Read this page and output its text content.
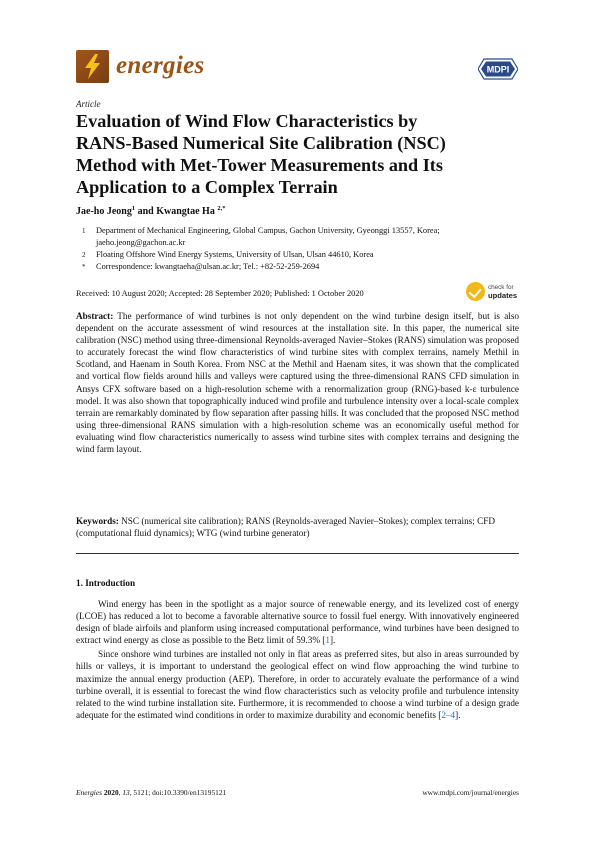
energies	MDPI
Article
Evaluation of Wind Flow Characteristics by
RANS-Based Numerical Site Calibration (NSC)
Method with Met-Tower Measurements and Its
Application to a Complex Terrain
Jae-ho Jeong$^1$ and Kwangtae Ha $^{2,*}$
1 Department of Mechanical Engineering, Global Campus, Gachon University, Gyeonggi 13557, Korea;
jaeho.jeong@gachon.ac.kr
2 Floating Offshore Wind Energy Systems, University of Ulsan, Ulsan 44610, Korea
* Correspondence: kwangtaeha@ulsan.ac.kr; Tel.: +82-52-259-2694
Received: 10 August 2020; Accepted: 28 September 2020; Published: 1 October 2020
check for
updates
Abstract: The performance of wind turbines is not only dependent on the wind turbine design itself, but is also dependent on the accurate assessment of wind resources at the installation site. In this paper, the numerical site calibration (NSC) method using three-dimensional Reynolds-averaged Navier–Stokes (RANS) simulation was proposed to accurately forecast the wind flow characteristics of wind turbine sites with complex terrains, namely Methil in Scotland, and Haenam in South Korea. From NSC at the Methil and Haenam sites, it was shown that the complicated and vortical flow fields around hills and valleys were captured using the three-dimensional RANS CFD simulation in Ansys CFX software based on a high-resolution scheme with a renormalization group (RNG)-based k-ε turbulence model. It was also shown that topographically induced wind profile and turbulence intensity over a local-scale complex terrain are remarkably dominated by flow separation after passing hills. It was concluded that the proposed NSC method using three-dimensional RANS simulation with a high-resolution scheme was an economically useful method for evaluating wind flow characteristics numerically to assess wind turbine sites with complex terrains and designing the wind farm layout.
Keywords: NSC (numerical site calibration); RANS (Reynolds-averaged Navier–Stokes); complex terrains; CFD (computational fluid dynamics); WTG (wind turbine generator)
1. Introduction

Wind energy has been in the spotlight as a major source of renewable energy, and its levelized cost of energy (LCOE) has reduced a lot to become a favorable alternative source to fossil fuel energy. With innovatively engineered design of blade airfoils and planform using increased computational performance, wind turbines have been designed to extract wind energy as close as possible to the Betz limit of 59.3% [1].

Since onshore wind turbines are installed not only in flat areas as preferred sites, but also in areas surrounded by hills or valleys, it is important to understand the geological effect on wind flow approaching the wind turbine to maximize the annual energy production (AEP). Therefore, in order to accurately evaluate the performance of a wind turbine overall, it is essential to forecast the wind flow characteristics such as velocity profile and turbulence intensity related to the wind turbine installation site. Furthermore, it is recommended to choose a wind turbine of a design grade adequate for the estimated wind conditions in order to maximize durability and economic benefits [2–4].

Energies 2020, 13, 5121; doi:10.3390/en13195121	www.mdpi.com/journal/energies
